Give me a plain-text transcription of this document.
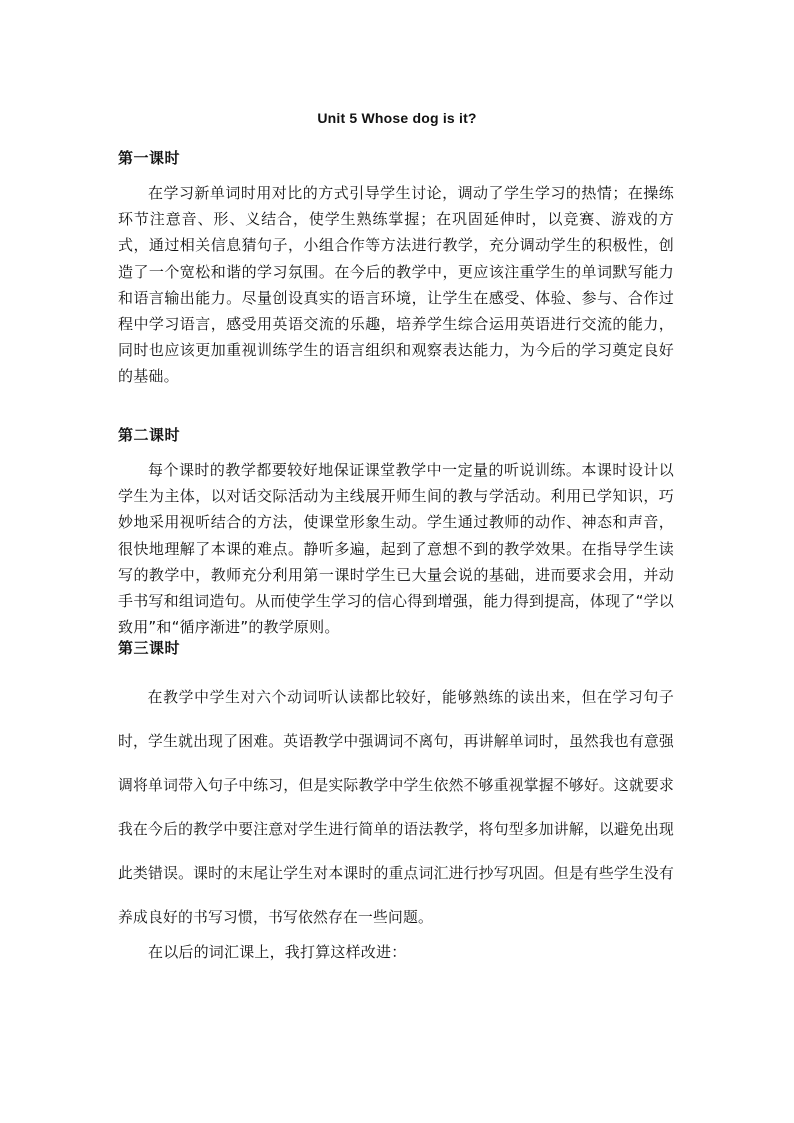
Unit 5 Whose dog is it?
第一课时
在学习新单词时用对比的方式引导学生讨论，调动了学生学习的热情；在操练环节注意音、形、义结合，使学生熟练掌握；在巩固延伸时，以竞赛、游戏的方式，通过相关信息猜句子，小组合作等方法进行教学，充分调动学生的积极性，创造了一个宽松和谐的学习氛围。在今后的教学中，更应该注重学生的单词默写能力和语言输出能力。尽量创设真实的语言环境，让学生在感受、体验、参与、合作过程中学习语言，感受用英语交流的乐趣，培养学生综合运用英语进行交流的能力，同时也应该更加重视训练学生的语言组织和观察表达能力，为今后的学习奠定良好的基础。
第二课时
每个课时的教学都要较好地保证课堂教学中一定量的听说训练。本课时设计以学生为主体，以对话交际活动为主线展开师生间的教与学活动。利用已学知识，巧妙地采用视听结合的方法，使课堂形象生动。学生通过教师的动作、神态和声音，很快地理解了本课的难点。静听多遍，起到了意想不到的教学效果。在指导学生读写的教学中，教师充分利用第一课时学生已大量会说的基础，进而要求会用，并动手书写和组词造句。从而使学生学习的信心得到增强，能力得到提高，体现了“学以致用”和“循序渐进”的教学原则。
第三课时
在教学中学生对六个动词听认读都比较好，能够熟练的读出来，但在学习句子时，学生就出现了困难。英语教学中强调词不离句，再讲解单词时，虽然我也有意强调将单词带入句子中练习，但是实际教学中学生依然不够重视掌握不够好。这就要求我在今后的教学中要注意对学生进行简单的语法教学，将句型多加讲解，以避免出现此类错误。课时的末尾让学生对本课时的重点词汇进行抄写巩固。但是有些学生没有养成良好的书写习惯，书写依然存在一些问题。
在以后的词汇课上，我打算这样改进：
